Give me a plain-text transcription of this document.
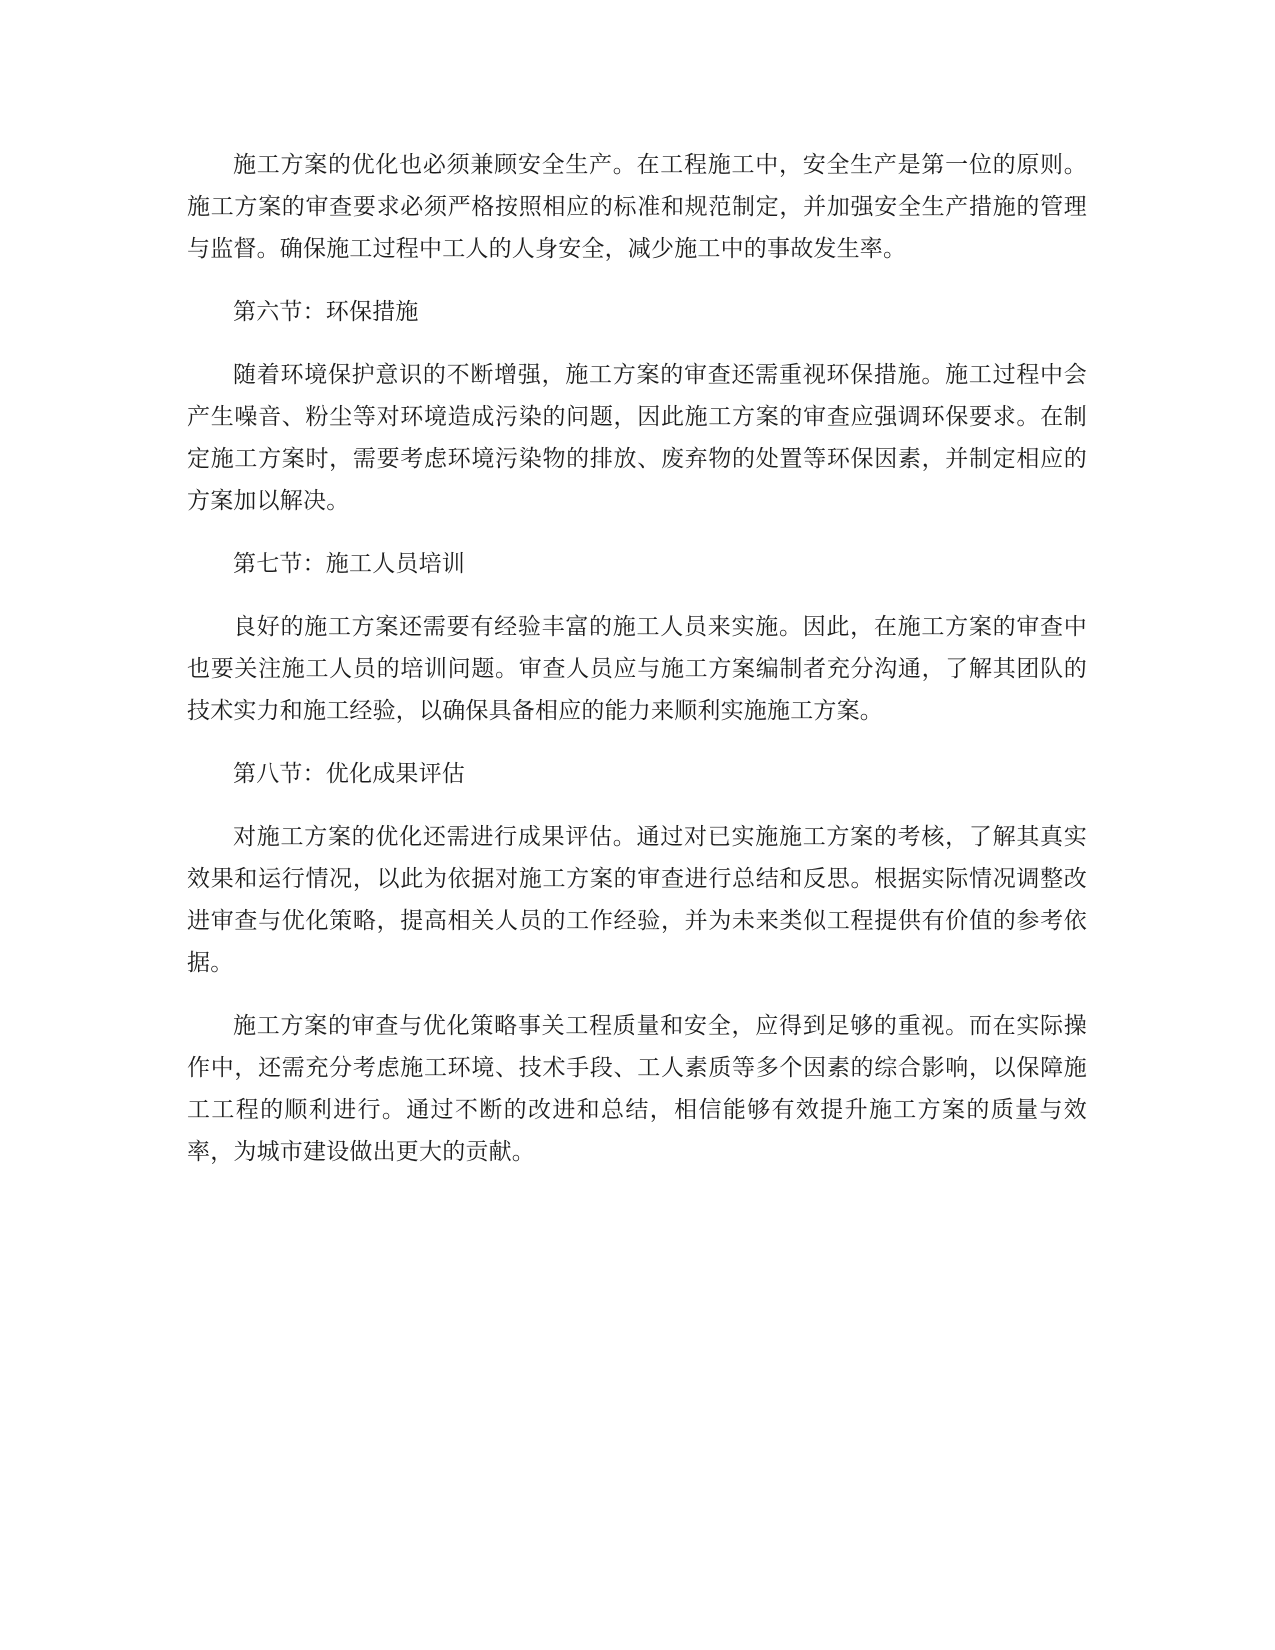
施工方案的优化也必须兼顾安全生产。在工程施工中，安全生产是第一位的原则。施工方案的审查要求必须严格按照相应的标准和规范制定，并加强安全生产措施的管理与监督。确保施工过程中工人的人身安全，减少施工中的事故发生率。

第六节：环保措施

随着环境保护意识的不断增强，施工方案的审查还需重视环保措施。施工过程中会产生噪音、粉尘等对环境造成污染的问题，因此施工方案的审查应强调环保要求。在制定施工方案时，需要考虑环境污染物的排放、废弃物的处置等环保因素，并制定相应的方案加以解决。

第七节：施工人员培训

良好的施工方案还需要有经验丰富的施工人员来实施。因此，在施工方案的审查中也要关注施工人员的培训问题。审查人员应与施工方案编制者充分沟通，了解其团队的技术实力和施工经验，以确保具备相应的能力来顺利实施施工方案。

第八节：优化成果评估

对施工方案的优化还需进行成果评估。通过对已实施施工方案的考核，了解其真实效果和运行情况，以此为依据对施工方案的审查进行总结和反思。根据实际情况调整改进审查与优化策略，提高相关人员的工作经验，并为未来类似工程提供有价值的参考依据。

施工方案的审查与优化策略事关工程质量和安全，应得到足够的重视。而在实际操作中，还需充分考虑施工环境、技术手段、工人素质等多个因素的综合影响，以保障施工工程的顺利进行。通过不断的改进和总结，相信能够有效提升施工方案的质量与效率，为城市建设做出更大的贡献。
